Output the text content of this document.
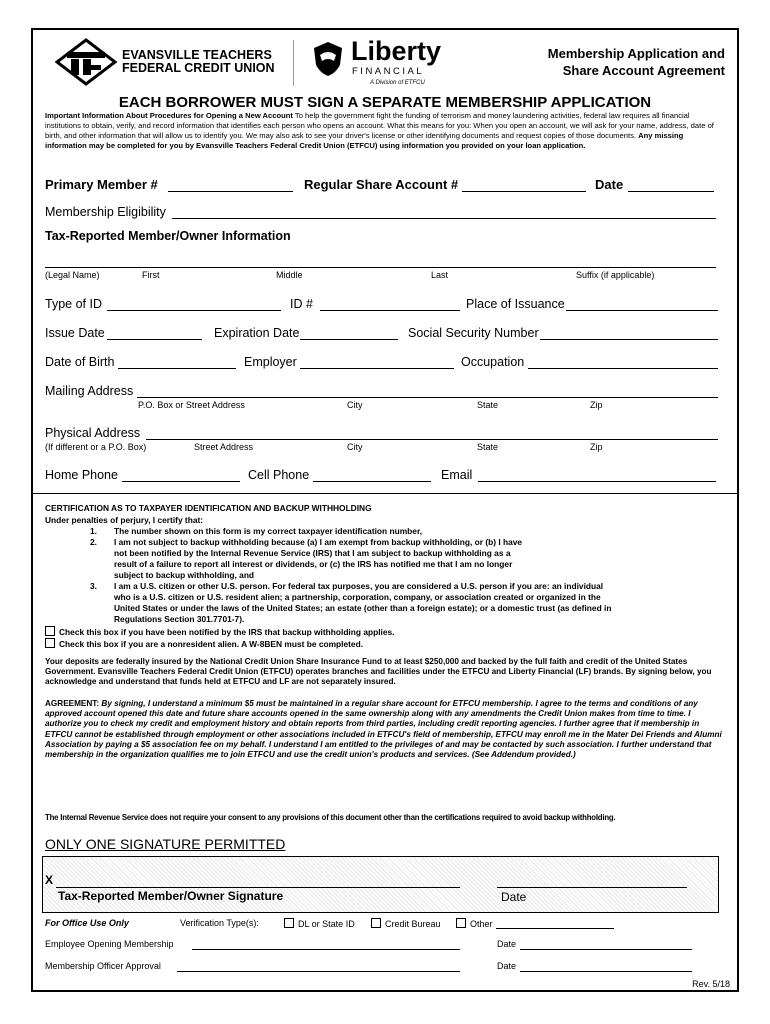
EVANSVILLE TEACHERS
FEDERAL CREDIT UNION
Liberty
FINANCIAL
A Division of ETFCU
Membership Application and
Share Account Agreement
EACH BORROWER MUST SIGN A SEPARATE MEMBERSHIP APPLICATION
Important Information About Procedures for Opening a New Account To help the government fight the funding of terrorism and money laundering activities, federal law requires all financial institutions to obtain, verify, and record information that identifies each person who opens an account. What this means for you: When you open an account, we will ask for your name, address, date of birth, and other information that will allow us to identify you. We may also ask to see your driver's license or other identifying documents and request copies of those documents. Any missing information may be completed for you by Evansville Teachers Federal Credit Union (ETFCU) using information you provided on your loan application.
Primary Member #	Regular Share Account #	Date
Membership Eligibility
Tax-Reported Member/Owner Information
(Legal Name)	First	Middle	Last	Suffix (if applicable)
Type of ID	ID #	Place of Issuance
Issue Date	Expiration Date	Social Security Number
Date of Birth	Employer	Occupation
Mailing Address
P.O. Box or Street Address	City	State	Zip
Physical Address
(If different or a P.O. Box)	Street Address	City	State	Zip
Home Phone	Cell Phone	Email
CERTIFICATION AS TO TAXPAYER IDENTIFICATION AND BACKUP WITHHOLDING
Under penalties of perjury, I certify that:
1. The number shown on this form is my correct taxpayer identification number,
2. I am not subject to backup withholding because (a) I am exempt from backup withholding, or (b) I have
not been notified by the Internal Revenue Service (IRS) that I am subject to backup withholding as a
result of a failure to report all interest or dividends, or (c) the IRS has notified me that I am no longer
subject to backup withholding, and
3. I am a U.S. citizen or other U.S. person. For federal tax purposes, you are considered a U.S. person if you are: an individual
who is a U.S. citizen or U.S. resident alien; a partnership, corporation, company, or association created or organized in the
United States or under the laws of the United States; an estate (other than a foreign estate); or a domestic trust (as defined in
Regulations Section 301.7701-7).
Check this box if you have been notified by the IRS that backup withholding applies.
Check this box if you are a nonresident alien. A W-8BEN must be completed.
Your deposits are federally insured by the National Credit Union Share Insurance Fund to at least $250,000 and backed by the full faith and credit of the United States Government. Evansville Teachers Federal Credit Union (ETFCU) operates branches and facilities under the ETFCU and Liberty Financial (LF) brands. By signing below, you acknowledge and understand that funds held at ETFCU and LF are not separately insured.
AGREEMENT: By signing, I understand a minimum $5 must be maintained in a regular share account for ETFCU membership. I agree to the terms and conditions of any approved account opened this date and future share accounts opened in the same ownership along with any amendments the Credit Union makes from time to time. I authorize you to check my credit and employment history and obtain reports from third parties, including credit reporting agencies. I further agree that if membership in ETFCU cannot be established through employment or other associations included in ETFCU's field of membership, ETFCU may enroll me in the Mater Dei Friends and Alumni Association by paying a $5 association fee on my behalf. I understand I am entitled to the privileges of and may be contacted by such association. I further understand that membership in the organization qualifies me to join ETFCU and use the credit union's products and services. (See Addendum provided.)
The Internal Revenue Service does not require your consent to any provisions of this document other than the certifications required to avoid backup withholding.
ONLY ONE SIGNATURE PERMITTED
X
Tax-Reported Member/Owner Signature	Date
For Office Use Only	Verification Type(s):	DL or State ID	Credit Bureau	Other
Employee Opening Membership	Date
Membership Officer Approval	Date
Rev. 5/18
